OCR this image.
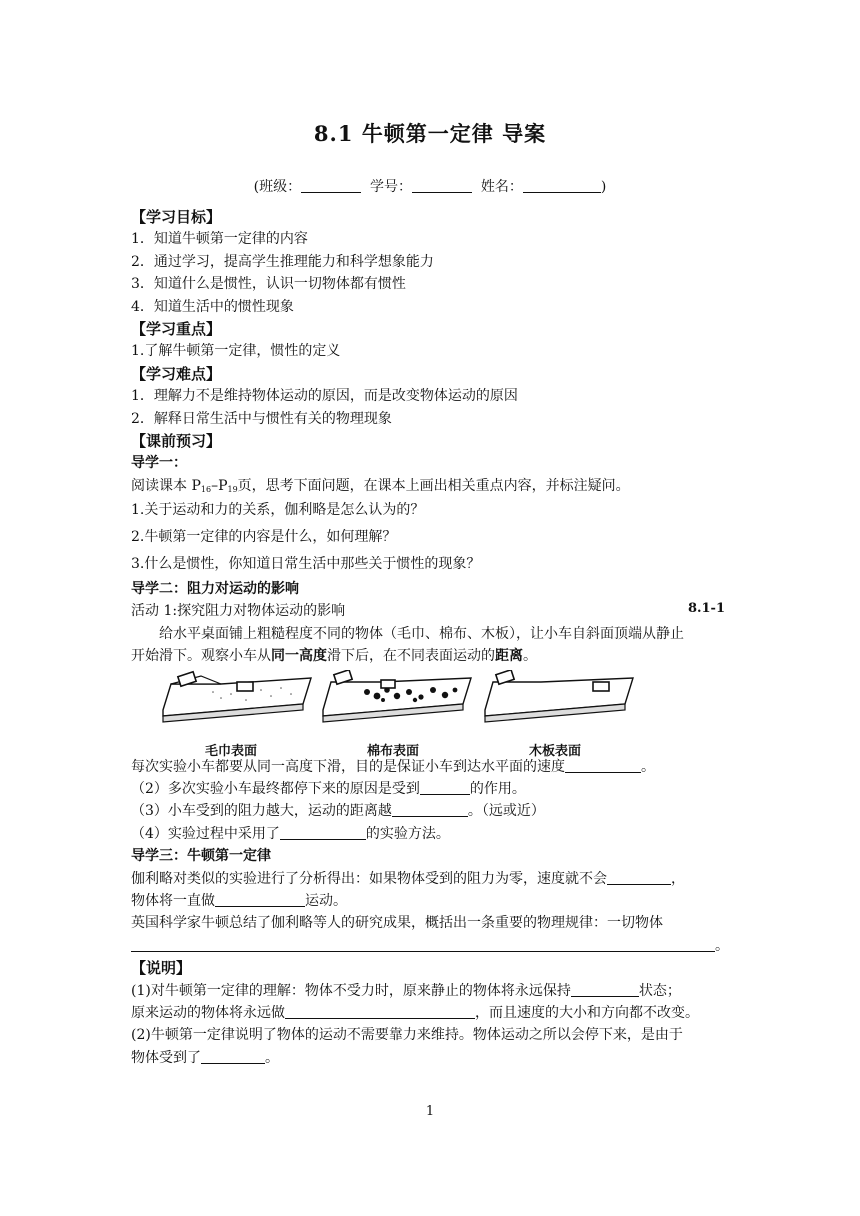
8.1 牛顿第一定律 导案
(班级：	学号：	姓名：	)
【学习目标】
1．知道牛顿第一定律的内容
2．通过学习，提高学生推理能力和科学想象能力
3．知道什么是惯性，认识一切物体都有惯性
4．知道生活中的惯性现象
【学习重点】
1.了解牛顿第一定律，惯性的定义
【学习难点】
1．理解力不是维持物体运动的原因，而是改变物体运动的原因
2．解释日常生活中与惯性有关的物理现象
【课前预习】
导学一：
阅读课本 $P_{16}-P_{19}$页，思考下面问题，在课本上画出相关重点内容，并标注疑问。
1.关于运动和力的关系，伽利略是怎么认为的？
2.牛顿第一定律的内容是什么，如何理解？
3.什么是惯性，你知道日常生活中那些关于惯性的现象？
导学二：阻力对运动的影响
活动 1:探究阻力对物体运动的影响	8.1-1
给水平桌面铺上粗糙程度不同的物体（毛巾、棉布、木板），让小车自斜面顶端从静止
开始滑下。观察小车从同一高度滑下后，在不同表面运动的距离。
毛巾表面	棉布表面	木板表面
每次实验小车都要从同一高度下滑，目的是保证小车到达水平面的速度	。
（2）多次实验小车最终都停下来的原因是受到	的作用。
（3）小车受到的阻力越大，运动的距离越	。（远或近）
（4）实验过程中采用了	的实验方法。
导学三：牛顿第一定律
伽利略对类似的实验进行了分析得出：如果物体受到的阻力为零，速度就不会	，
物体将一直做	运动。
英国科学家牛顿总结了伽利略等人的研究成果，概括出一条重要的物理规律：一切物体
。
【说明】
(1)对牛顿第一定律的理解：物体不受力时，原来静止的物体将永远保持	状态；
原来运动的物体将永远做	，而且速度的大小和方向都不改变。
(2)牛顿第一定律说明了物体的运动不需要靠力来维持。物体运动之所以会停下来，是由于
物体受到了	。
1
